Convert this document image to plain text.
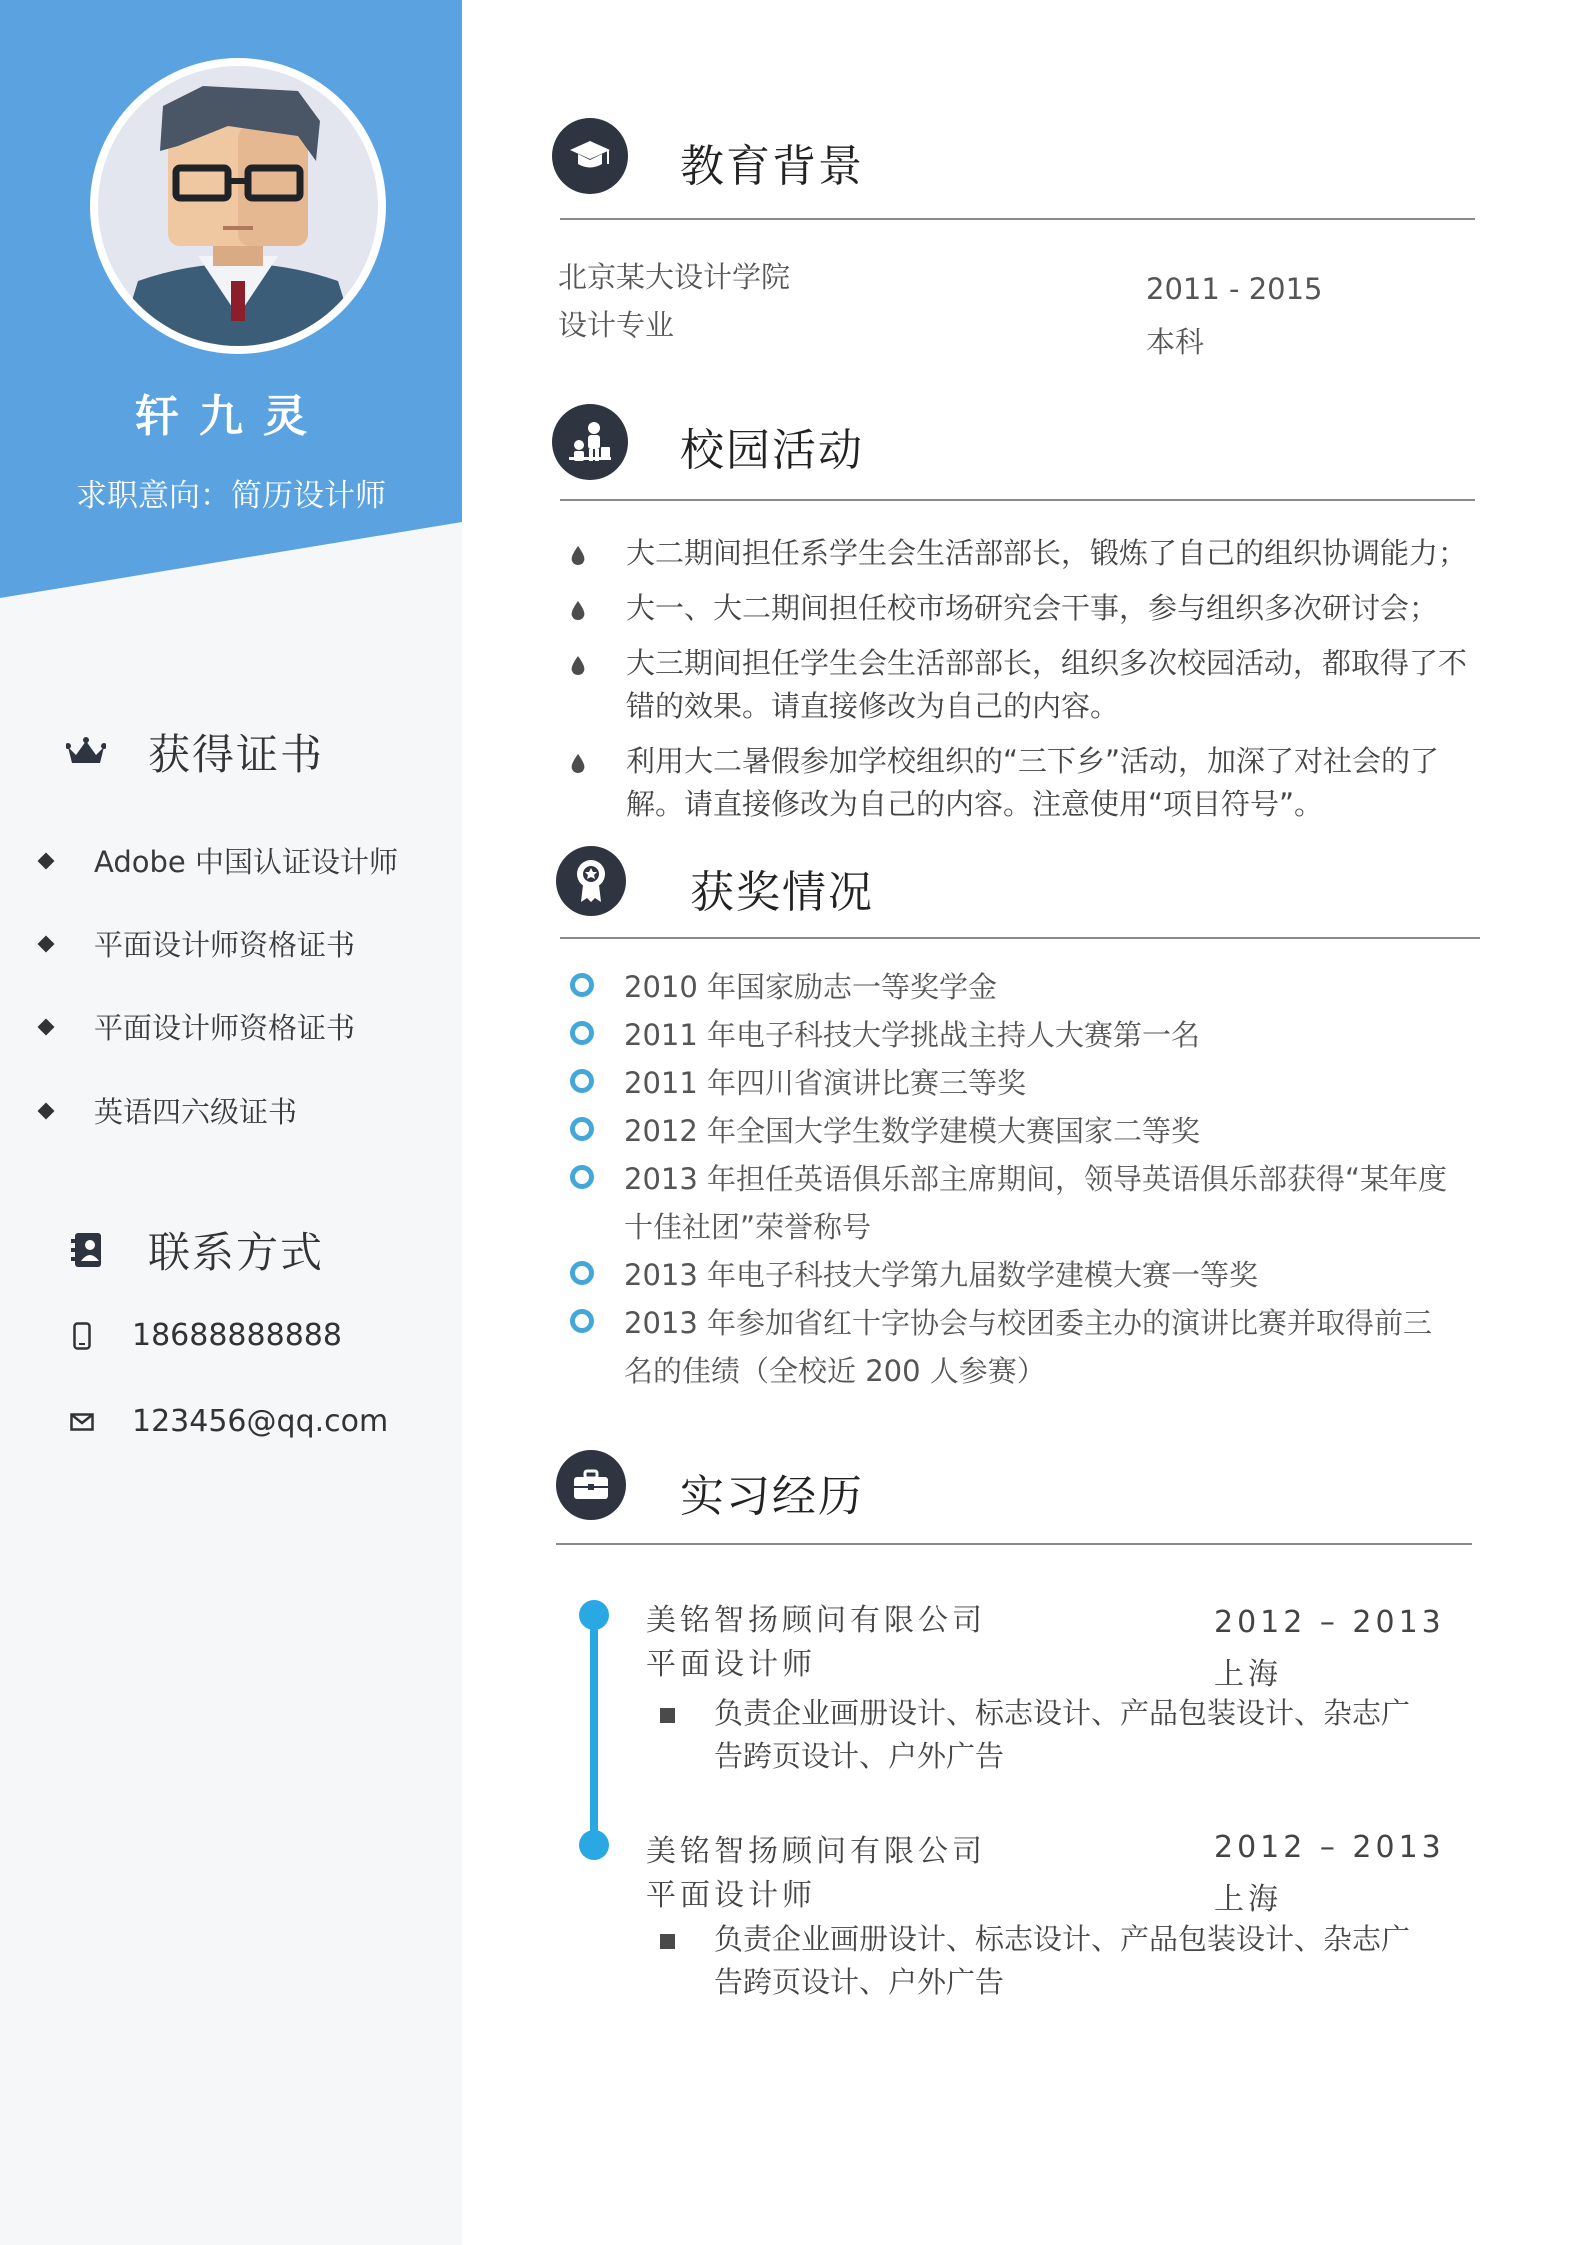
轩九灵
求职意向：简历设计师
获得证书
Adobe 中国认证设计师
平面设计师资格证书
平面设计师资格证书
英语四六级证书
联系方式
18688888888
123456@qq.com
教育背景
北京某大设计学院
设计专业
2011 - 2015
本科
校园活动
大二期间担任系学生会生活部部长，锻炼了自己的组织协调能力；
大一、大二期间担任校市场研究会干事，参与组织多次研讨会；
大三期间担任学生会生活部部长，组织多次校园活动，都取得了不错的效果。请直接修改为自己的内容。
利用大二暑假参加学校组织的“三下乡”活动，加深了对社会的了解。请直接修改为自己的内容。注意使用“项目符号”。
获奖情况
2010 年国家励志一等奖学金
2011 年电子科技大学挑战主持人大赛第一名
2011 年四川省演讲比赛三等奖
2012 年全国大学生数学建模大赛国家二等奖
2013 年担任英语俱乐部主席期间，领导英语俱乐部获得“某年度十佳社团”荣誉称号
2013 年电子科技大学第九届数学建模大赛一等奖
2013 年参加省红十字协会与校团委主办的演讲比赛并取得前三名的佳绩（全校近 200 人参赛）
实习经历
美铭智扬顾问有限公司
平面设计师
2012 – 2013
上海
负责企业画册设计、标志设计、产品包装设计、杂志广告跨页设计、户外广告
美铭智扬顾问有限公司
平面设计师
2012 – 2013
上海
负责企业画册设计、标志设计、产品包装设计、杂志广告跨页设计、户外广告
